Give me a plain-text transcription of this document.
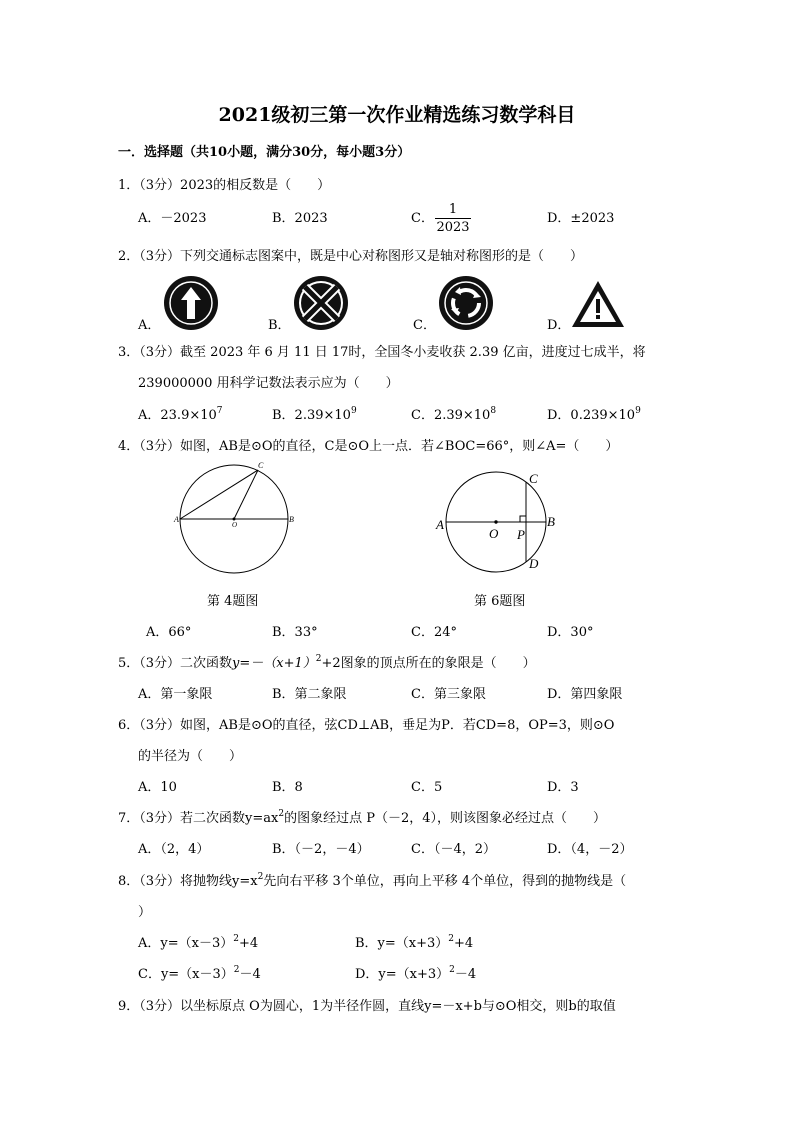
2021级初三第一次作业精选练习数学科目
一．选择题（共10小题，满分30分，每小题3分）
1．（3分）2023的相反数是（　　）
A．－2023	B．2023	C．
1
2023
D．±2023
2．（3分）下列交通标志图案中，既是中心对称图形又是轴对称图形的是（　　）
A．	B．	C．	D．
3．（3分）截至 2023 年 6 月 11 日 17时，全国冬小麦收获 2.39 亿亩，进度过七成半，将
239000000 用科学记数法表示应为（　　）
A．$23.9\times 10^7$	B．$2.39\times 10^9$	C．$2.39\times 10^8$	D．$0.239\times 10^9$
4．（3分）如图，AB是⊙O的直径，C是⊙O上一点．若∠BOC=66°，则∠A=（　　）
A	B
C
O	A	B
C
D
O P
第 4题图	第 6题图
A．66°	B．33°	C．24°	D．30°
5．（3分）二次函数$y=-(x+1)^2+2$图象的顶点所在的象限是（　　）
A．第一象限	B．第二象限	C．第三象限	D．第四象限
6．（3分）如图，AB是⊙O的直径，弦CD⊥AB，垂足为P．若CD=8，OP=3，则⊙O
的半径为（　　）
A．10	B．8	C．5	D．3
7．（3分）若二次函数$y=ax^2$的图象经过点 P（－2，4），则该图象必经过点（　　）
A．（2，4）	B．（－2，－4）	C．（－4，2）	D．（4，－2）
8．（3分）将抛物线$y=x^2$先向右平移 3个单位，再向上平移 4个单位，得到的抛物线是（
）
A．$y=(x-3)^2+4$	B．$y=(x+3)^2+4$
C．$y=(x-3)^2-4$	D．$y=(x+3)^2-4$
9．（3分）以坐标原点 O为圆心，1为半径作圆，直线y=－x+b与⊙O相交，则b的取值
